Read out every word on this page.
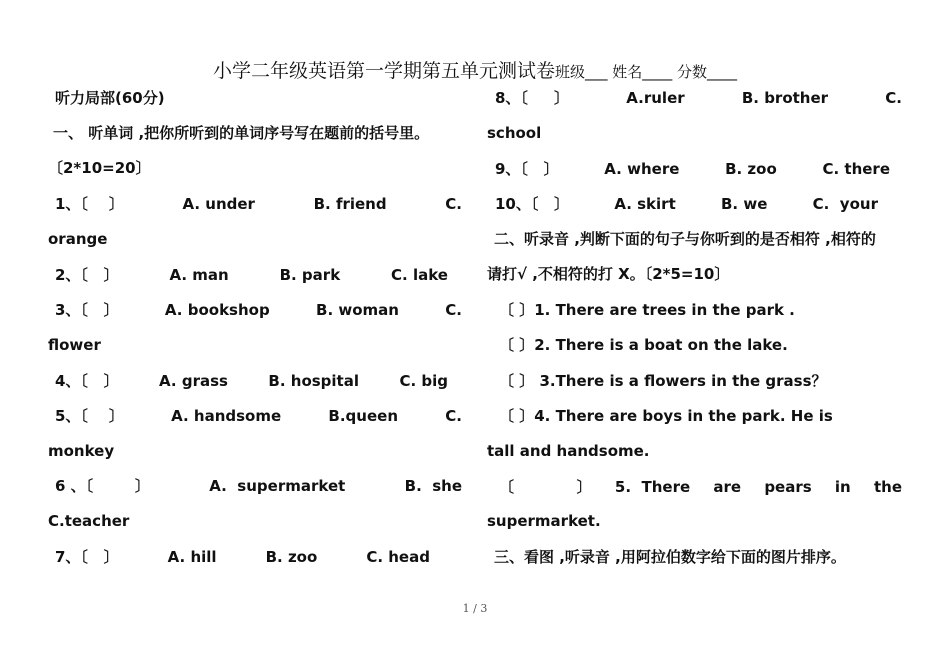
小学二年级英语第一学期第五单元测试卷班级___ 姓名____ 分数____
听力局部(60分)
一、 听单词 ,把你所听到的单词序号写在题前的括号里。
〔2*10=20〕
1、〔    〕	A. under	B. friend	C.
orange
2、〔   〕	A. man	B. park	C. lake
3、〔   〕	A. bookshop	B. woman	C.
flower
4、〔   〕	A. grass	B. hospital	C. big
5、〔    〕	A. handsome	B.queen	C.
monkey
6 、〔        〕	A.  supermarket	B.  she
C.teacher
7、〔   〕	A. hill	B. zoo	C. head
8、〔     〕	A.ruler	B. brother	C.
school
9、〔   〕	A. where	B. zoo	C. there
10、〔   〕	A. skirt	B. we	C.  your
二、听录音 ,判断下面的句子与你听到的是否相符 ,相符的
请打√ ,不相符的打 X。〔2*5=10〕
〔 〕1. There are trees in the park .
〔 〕2. There is a boat on the lake.
〔 〕 3.There is a flowers in the grass？
〔 〕4. There are boys in the park. He is
tall and handsome.
〔            〕 5.  There are pears in the
supermarket.
三、看图 ,听录音 ,用阿拉伯数字给下面的图片排序。
1 / 3
